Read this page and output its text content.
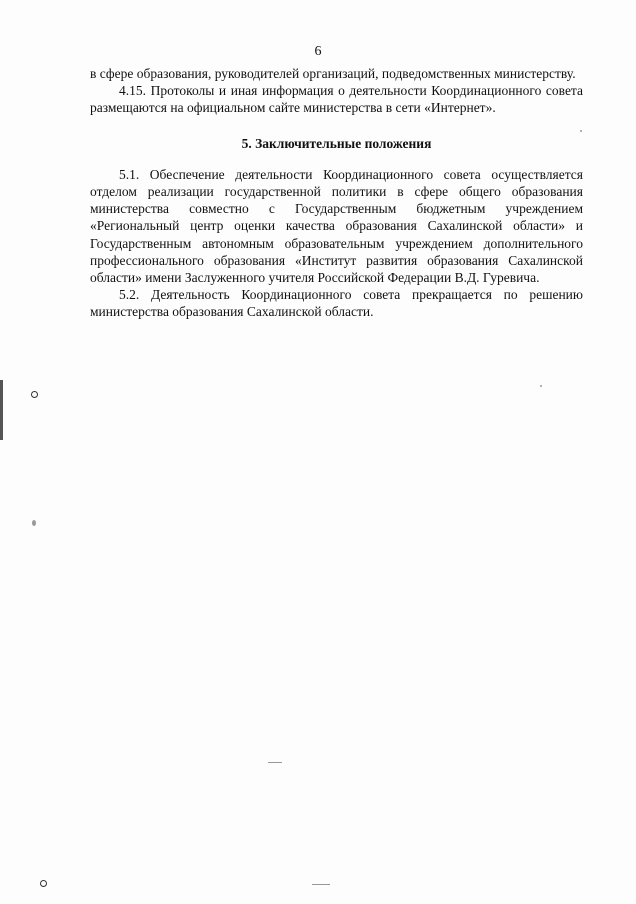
6

в сфере образования, руководителей организаций, подведомственных министерству.

4.15. Протоколы и иная информация о деятельности Координационного совета размещаются на официальном сайте министерства в сети «Интернет».

5. Заключительные положения

5.1. Обеспечение деятельности Координационного совета осуществляется отделом реализации государственной политики в сфере общего образования министерства совместно с Государственным бюджетным учреждением «Региональный центр оценки качества образования Сахалинской области» и Государственным автономным образовательным учреждением дополнительного профессионального образования «Институт развития образования Сахалинской области» имени Заслуженного учителя Российской Федерации В.Д. Гуревича.

5.2. Деятельность Координационного совета прекращается по решению министерства образования Сахалинской области.
